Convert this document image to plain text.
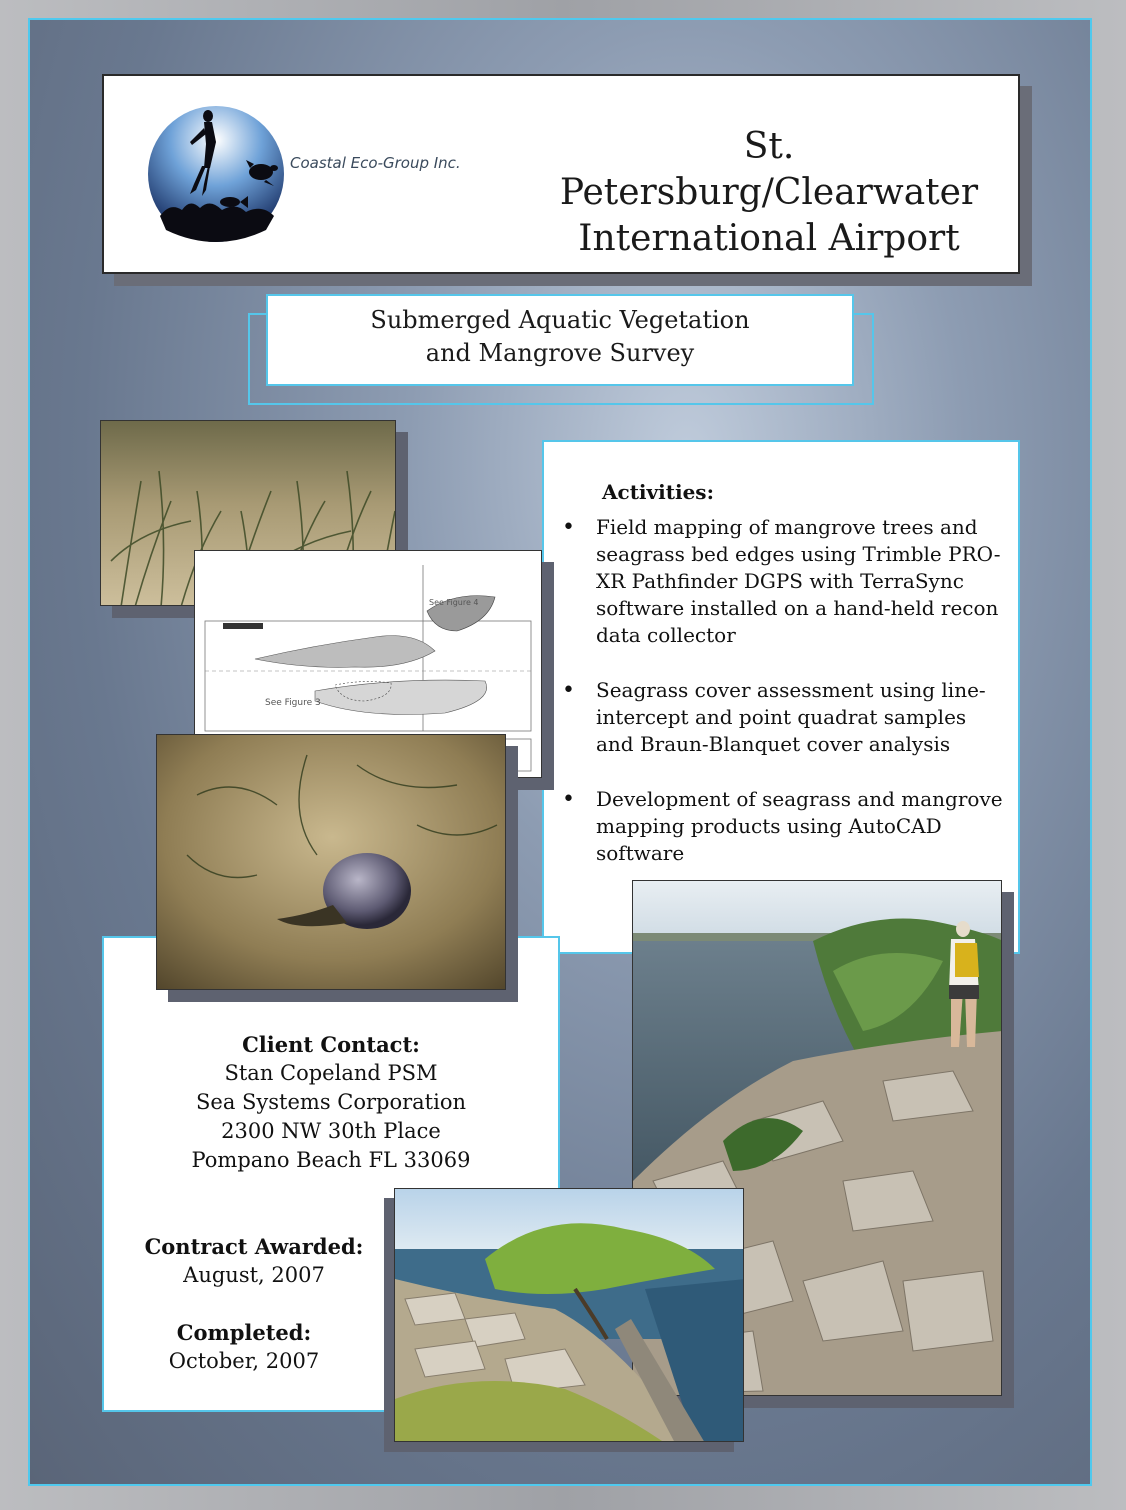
Coastal Eco-Group Inc.	St. Petersburg/Clearwater
International Airport
Submerged Aquatic Vegetation
and Mangrove Survey
Activities:
• Field mapping of mangrove trees and seagrass bed edges using Trimble PRO-XR Pathfinder DGPS with TerraSync software installed on a hand-held recon data collector
• Seagrass cover assessment using line-intercept and point quadrat samples and Braun-Blanquet cover analysis
• Development of seagrass and mangrove mapping products using AutoCAD software
Client Contact:
Stan Copeland PSM
Sea Systems Corporation
2300 NW 30th Place
Pompano Beach FL 33069
Contract Awarded:
August, 2007
Completed:
October, 2007
See Figure 3
See Figure 4
